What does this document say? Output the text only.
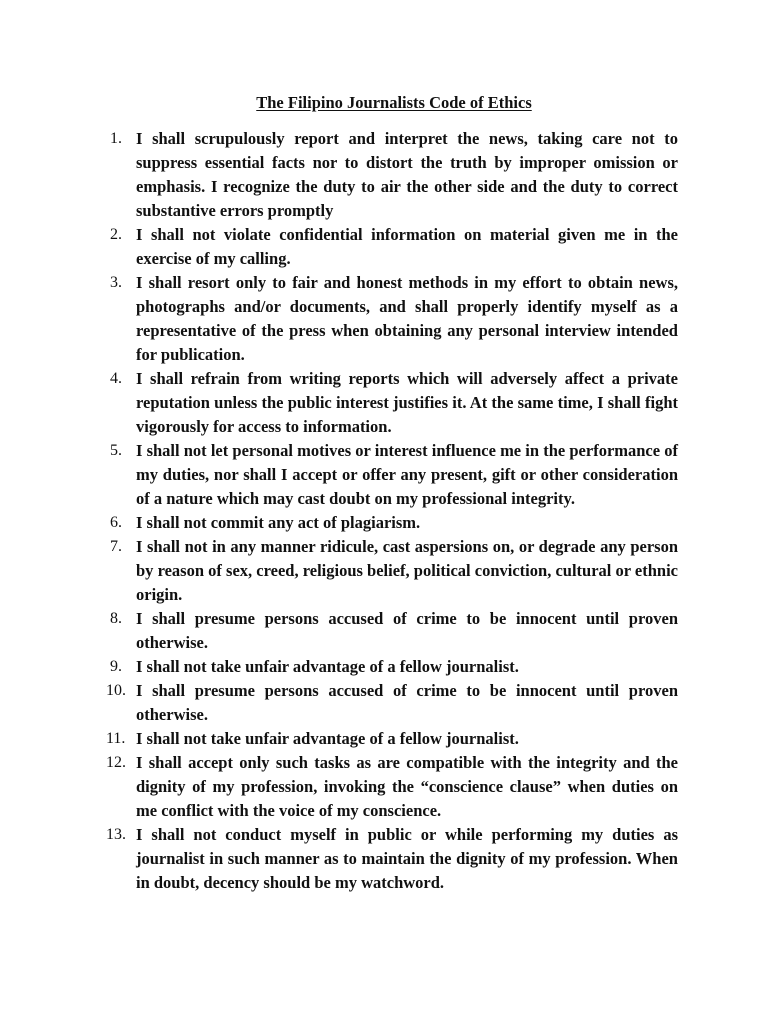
The Filipino Journalists Code of Ethics
1. I shall scrupulously report and interpret the news, taking care not to suppress essential facts nor to distort the truth by improper omission or emphasis. I recognize the duty to air the other side and the duty to correct substantive errors promptly
2. I shall not violate confidential information on material given me in the exercise of my calling.
3. I shall resort only to fair and honest methods in my effort to obtain news, photographs and/or documents, and shall properly identify myself as a representative of the press when obtaining any personal interview intended for publication.
4. I shall refrain from writing reports which will adversely affect a private reputation unless the public interest justifies it. At the same time, I shall fight vigorously for access to information.
5. I shall not let personal motives or interest influence me in the performance of my duties, nor shall I accept or offer any present, gift or other consideration of a nature which may cast doubt on my professional integrity.
6. I shall not commit any act of plagiarism.
7. I shall not in any manner ridicule, cast aspersions on, or degrade any person by reason of sex, creed, religious belief, political conviction, cultural or ethnic origin.
8. I shall presume persons accused of crime to be innocent until proven otherwise.
9. I shall not take unfair advantage of a fellow journalist.
10. I shall presume persons accused of crime to be innocent until proven otherwise.
11. I shall not take unfair advantage of a fellow journalist.
12. I shall accept only such tasks as are compatible with the integrity and the dignity of my profession, invoking the “conscience clause” when duties on me conflict with the voice of my conscience.
13. I shall not conduct myself in public or while performing my duties as journalist in such manner as to maintain the dignity of my profession. When in doubt, decency should be my watchword.
